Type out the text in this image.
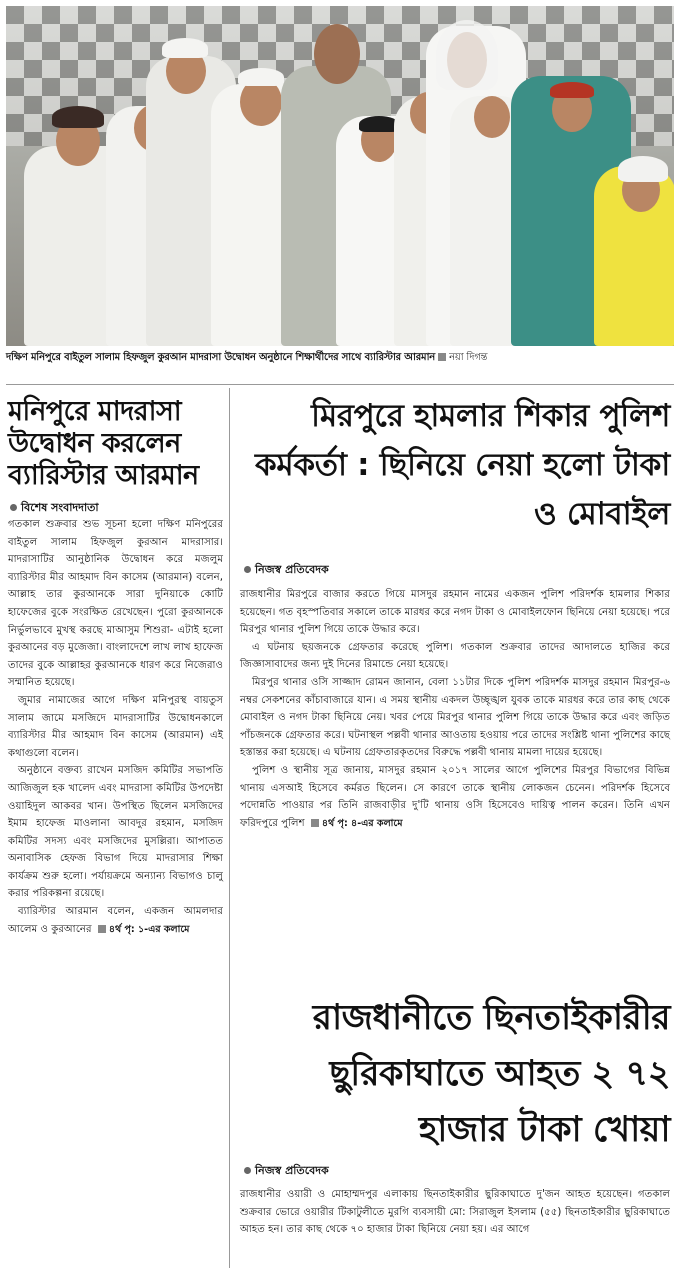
দক্ষিণ মনিপুরে বাইতুল সালাম হিফজুল কুরআন মাদরাসা উদ্বোধন অনুষ্ঠানে শিক্ষার্থীদের সাথে ব্যারিস্টার আরমান নয়া দিগন্ত
মনিপুরে মাদরাসা উদ্বোধন করলেন ব্যারিস্টার আরমান
বিশেষ সংবাদদাতা

গতকাল শুক্রবার শুভ সূচনা হলো দক্ষিণ মনিপুরের বাইতুল সালাম হিফজুল কুরআন মাদরাসার। মাদরাসাটির আনুষ্ঠানিক উদ্বোধন করে মজলুম ব্যারিস্টার মীর আহমাদ বিন কাসেম (আরমান) বলেন, আল্লাহ তার কুরআনকে সারা দুনিয়াকে কোটি হাফেজের বুকে সংরক্ষিত রেখেছেন। পুরো কুরআনকে নির্ভুলভাবে মুখস্থ করছে মাআসুম শিশুরা- এটাই হলো কুরআনের বড় মুজেজা। বাংলাদেশে লাখ লাখ হাফেজ তাদের বুকে আল্লাহর কুরআনকে ধারণ করে নিজেরাও সম্মানিত হয়েছে।

জুমার নামাজের আগে দক্ষিণ মনিপুরস্থ বায়তুস সালাম জামে মসজিদে মাদরাসাটির উদ্বোধনকালে ব্যারিস্টার মীর আহমাদ বিন কাসেম (আরমান) এই কথাগুলো বলেন।

অনুষ্ঠানে বক্তব্য রাখেন মসজিদ কমিটির সভাপতি আজিজুল হক খালেদ এবং মাদরাসা কমিটির উপদেষ্টা ওয়াহিদুল আকবর খান। উপস্থিত ছিলেন মসজিদের ইমাম হাফেজ মাওলানা আবদুর রহমান, মসজিদ কমিটির সদস্য এবং মসজিদের মুসল্লিরা। আপাতত অনাবাসিক হেফজ বিভাগ দিয়ে মাদরাসার শিক্ষা কার্যক্রম শুরু হলো। পর্যায়ক্রমে অন্যান্য বিভাগও চালু করার পরিকল্পনা রয়েছে।

ব্যারিস্টার আরমান বলেন, একজন আমলদার আলেম ও কুরআনের ৪র্থ পৃ: ১-এর কলামে

মিরপুরে হামলার শিকার পুলিশ কর্মকর্তা : ছিনিয়ে নেয়া হলো টাকা ও মোবাইল
নিজস্ব প্রতিবেদক

রাজধানীর মিরপুরে বাজার করতে গিয়ে মাসদুর রহমান নামের একজন পুলিশ পরিদর্শক হামলার শিকার হয়েছেন। গত বৃহস্পতিবার সকালে তাকে মারধর করে নগদ টাকা ও মোবাইলফোন ছিনিয়ে নেয়া হয়েছে। পরে মিরপুর থানার পুলিশ গিয়ে তাকে উদ্ধার করে।

এ ঘটনায় ছয়জনকে গ্রেফতার করেছে পুলিশ। গতকাল শুক্রবার তাদের আদালতে হাজির করে জিজ্ঞাসাবাদের জন্য দুই দিনের রিমান্ডে নেয়া হয়েছে।

মিরপুর থানার ওসি সাজ্জাদ রোমন জানান, বেলা ১১টার দিকে পুলিশ পরিদর্শক মাসদুর রহমান মিরপুর-৬ নম্বর সেকশনের কাঁচাবাজারে যান। এ সময় স্থানীয় একদল উচ্ছৃঙ্খল যুবক তাকে মারধর করে তার কাছ থেকে মোবাইল ও নগদ টাকা ছিনিয়ে নেয়। খবর পেয়ে মিরপুর থানার পুলিশ গিয়ে তাকে উদ্ধার করে এবং জড়িত পাঁচজনকে গ্রেফতার করে। ঘটনাস্থল পল্লবী থানার আওতায় হওয়ায় পরে তাদের সংশ্লিষ্ট থানা পুলিশের কাছে হস্তান্তর করা হয়েছে। এ ঘটনায় গ্রেফতারকৃতদের বিরুদ্ধে পল্লবী থানায় মামলা দায়ের হয়েছে।

পুলিশ ও স্থানীয় সূত্র জানায়, মাসদুর রহমান ২০১৭ সালের আগে পুলিশের মিরপুর বিভাগের বিভিন্ন থানায় এসআই হিসেবে কর্মরত ছিলেন। সে কারণে তাকে স্থানীয় লোকজন চেনেন। পরিদর্শক হিসেবে পদোন্নতি পাওয়ার পর তিনি রাজবাড়ীর দু'টি থানায় ওসি হিসেবেও দায়িত্ব পালন করেন। তিনি এখন ফরিদপুরে পুলিশ ৪র্থ পৃ: ৪-এর কলামে

রাজধানীতে ছিনতাইকারীর ছুরিকাঘাতে আহত ২ ৭২ হাজার টাকা খোয়া
নিজস্ব প্রতিবেদক

রাজধানীর ওয়ারী ও মোহাম্মদপুর এলাকায় ছিনতাইকারীর ছুরিকাঘাতে দু'জন আহত হয়েছেন। গতকাল শুক্রবার ভোরে ওয়ারীর টিকাটুলীতে মুরগি ব্যবসায়ী মো: সিরাজুল ইসলাম (৫৫) ছিনতাইকারীর ছুরিকাঘাতে আহত হন। তার কাছ থেকে ৭০ হাজার টাকা ছিনিয়ে নেয়া হয়। এর আগে
